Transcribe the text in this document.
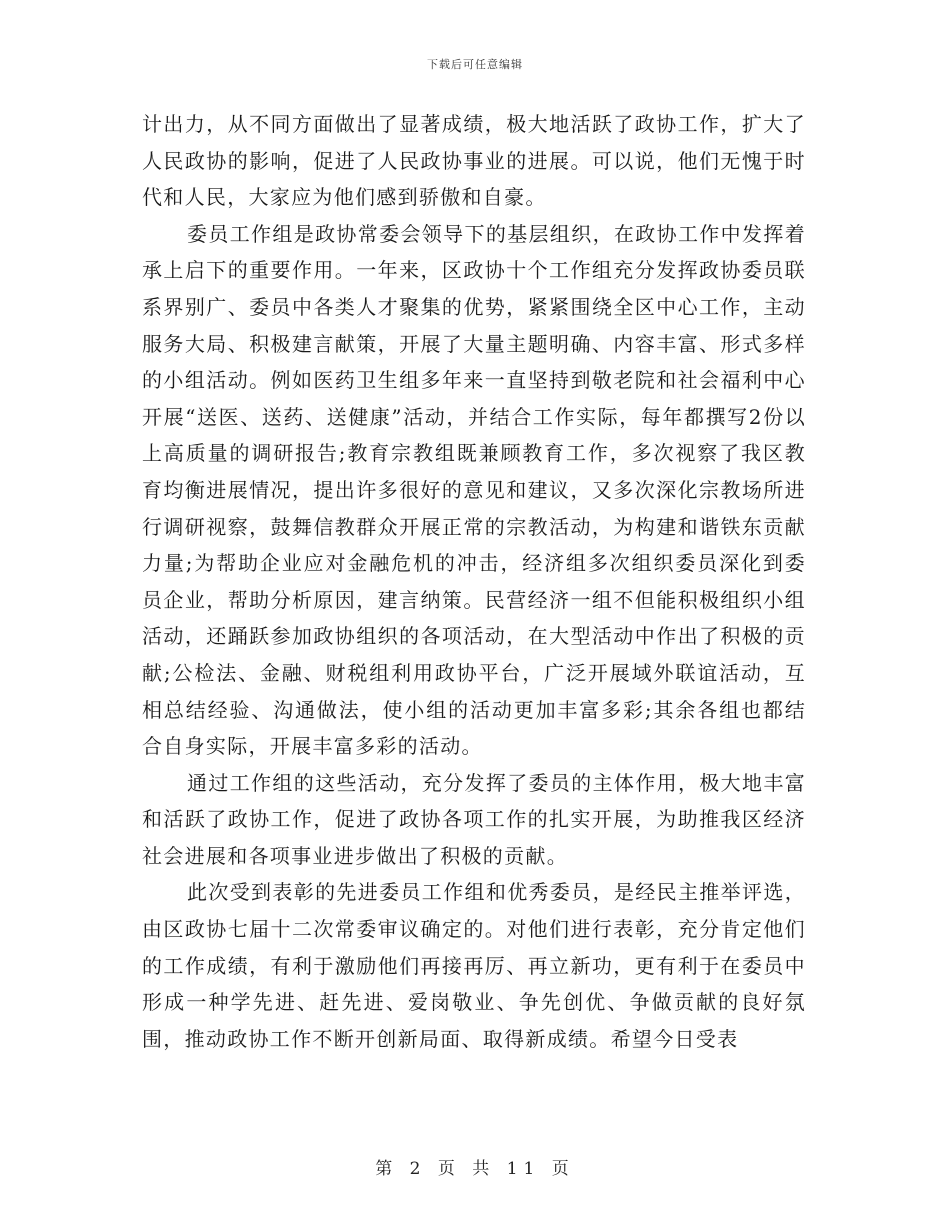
下载后可任意编辑

计出力，从不同方面做出了显著成绩，极大地活跃了政协工作，扩大了人民政协的影响，促进了人民政协事业的进展。可以说，他们无愧于时代和人民，大家应为他们感到骄傲和自豪。

委员工作组是政协常委会领导下的基层组织，在政协工作中发挥着承上启下的重要作用。一年来，区政协十个工作组充分发挥政协委员联系界别广、委员中各类人才聚集的优势，紧紧围绕全区中心工作，主动服务大局、积极建言献策，开展了大量主题明确、内容丰富、形式多样的小组活动。例如医药卫生组多年来一直坚持到敬老院和社会福利中心开展“送医、送药、送健康”活动，并结合工作实际，每年都撰写2份以上高质量的调研报告;教育宗教组既兼顾教育工作，多次视察了我区教育均衡进展情况，提出许多很好的意见和建议，又多次深化宗教场所进行调研视察，鼓舞信教群众开展正常的宗教活动，为构建和谐铁东贡献力量;为帮助企业应对金融危机的冲击，经济组多次组织委员深化到委员企业，帮助分析原因，建言纳策。民营经济一组不但能积极组织小组活动，还踊跃参加政协组织的各项活动，在大型活动中作出了积极的贡献;公检法、金融、财税组利用政协平台，广泛开展域外联谊活动，互相总结经验、沟通做法，使小组的活动更加丰富多彩;其余各组也都结合自身实际，开展丰富多彩的活动。

通过工作组的这些活动，充分发挥了委员的主体作用，极大地丰富和活跃了政协工作，促进了政协各项工作的扎实开展，为助推我区经济社会进展和各项事业进步做出了积极的贡献。

此次受到表彰的先进委员工作组和优秀委员，是经民主推举评选，由区政协七届十二次常委审议确定的。对他们进行表彰，充分肯定他们的工作成绩，有利于激励他们再接再厉、再立新功，更有利于在委员中形成一种学先进、赶先进、爱岗敬业、争先创优、争做贡献的良好氛围，推动政协工作不断开创新局面、取得新成绩。希望今日受表

第 2 页 共 11 页
